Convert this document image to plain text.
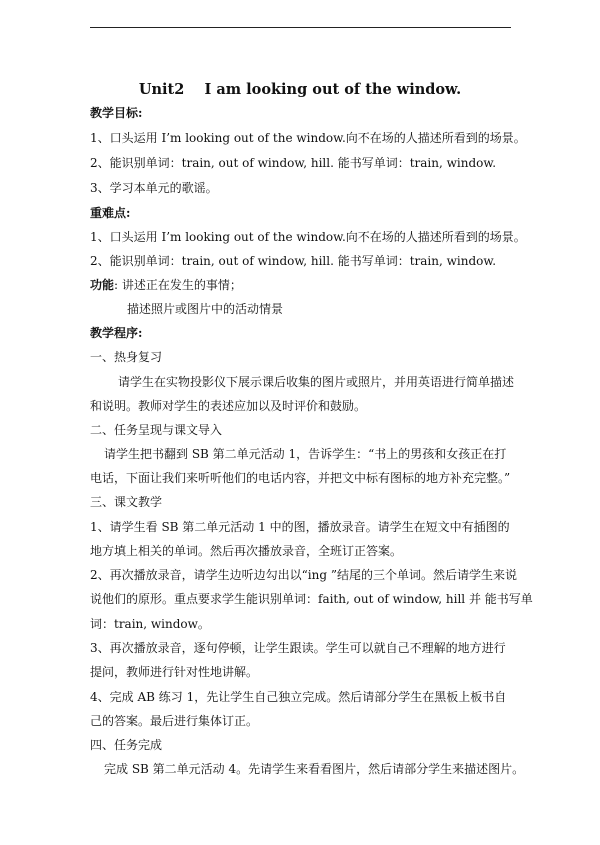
Unit2    I am looking out of the window.
教学目标:
1、口头运用 I’m looking out of the window.向不在场的人描述所看到的场景。
2、能识别单词：train, out of window, hill. 能书写单词：train, window.
3、学习本单元的歌谣。
重难点:
1、口头运用 I’m looking out of the window.向不在场的人描述所看到的场景。
2、能识别单词：train, out of window, hill. 能书写单词：train, window.
功能: 讲述正在发生的事情；
描述照片或图片中的活动情景
教学程序:
一、热身复习
请学生在实物投影仪下展示课后收集的图片或照片，并用英语进行简单描述
和说明。教师对学生的表述应加以及时评价和鼓励。
二、任务呈现与课文导入
请学生把书翻到 SB 第二单元活动 1，告诉学生：“书上的男孩和女孩正在打
电话，下面让我们来听听他们的电话内容，并把文中标有图标的地方补充完整。”
三、课文教学
1、请学生看 SB 第二单元活动 1 中的图，播放录音。请学生在短文中有插图的
地方填上相关的单词。然后再次播放录音，全班订正答案。
2、再次播放录音，请学生边听边勾出以“ing ”结尾的三个单词。然后请学生来说
说他们的原形。重点要求学生能识别单词：faith, out of window, hill 并 能书写单
词：train, window。
3、再次播放录音，逐句停顿，让学生跟读。学生可以就自己不理解的地方进行
提问，教师进行针对性地讲解。
4、完成 AB 练习 1，先让学生自己独立完成。然后请部分学生在黑板上板书自
己的答案。最后进行集体订正。
四、任务完成
完成 SB 第二单元活动 4。先请学生来看看图片，然后请部分学生来描述图片。
